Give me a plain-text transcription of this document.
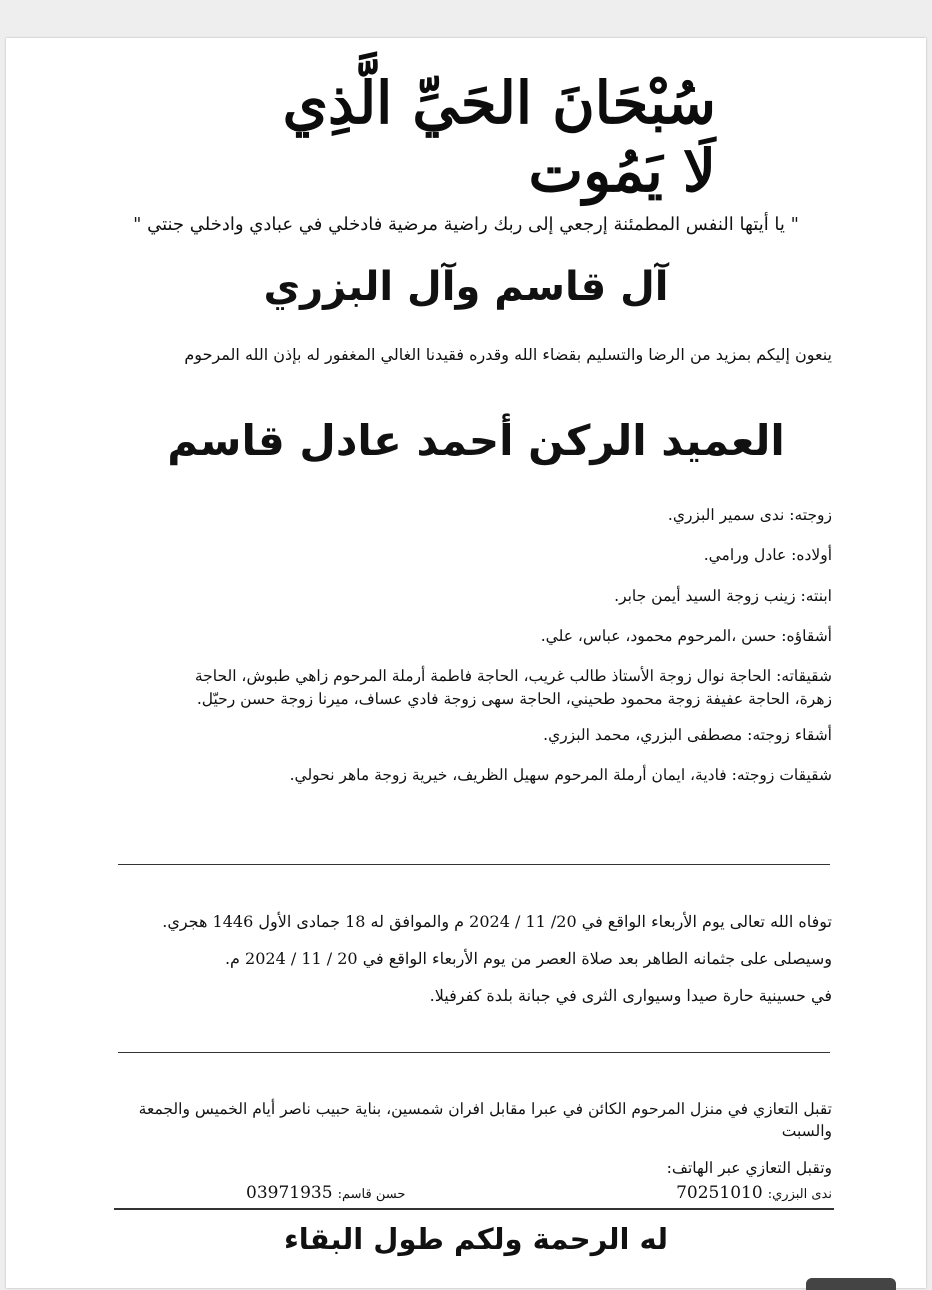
سُبْحَانَ الحَيِّ الَّذِي لَا يَمُوت
" يا أيتها النفس المطمئنة إرجعي إلى ربك راضية مرضية فادخلي في عبادي وادخلي جنتي "
آل قاسم وآل البزري
ينعون إليكم بمزيد من الرضا والتسليم بقضاء الله وقدره فقيدنا الغالي المغفور له بإذن الله المرحوم
العميد الركن أحمد عادل قاسم

زوجته: ندى سمير البزري.

أولاده: عادل ورامي.

ابنته: زينب زوجة السيد أيمن جابر.

أشقاؤه: حسن ،المرحوم محمود، عباس، علي.

شقيقاته: الحاجة نوال زوجة الأستاذ طالب غريب، الحاجة فاطمة أرملة المرحوم زاهي طبوش، الحاجة زهرة، الحاجة عفيفة زوجة محمود طحيني، الحاجة سهى زوجة فادي عساف، ميرنا زوجة حسن رحيّل.

أشقاء زوجته: مصطفى البزري، محمد البزري.

شقيقات زوجته: فادية، ايمان أرملة المرحوم سهيل الظريف، خيرية زوجة ماهر نحولي.

توفاه الله تعالى يوم الأربعاء الواقع في 20/ 11 / 2024 م والموافق له 18 جمادى الأول 1446 هجري.

وسيصلى على جثمانه الطاهر بعد صلاة العصر من يوم الأربعاء الواقع في 20 / 11 / 2024 م.

في حسينية حارة صيدا وسيوارى الثرى في جبانة بلدة كفرفيلا.

تقبل التعازي في منزل المرحوم الكائن في عبرا مقابل افران شمسين، بناية حبيب ناصر أيام الخميس والجمعة والسبت

وتقبل التعازي عبر الهاتف:

ندى البزري: 70251010
حسن قاسم: 03971935
له الرحمة ولكم طول البقاء
